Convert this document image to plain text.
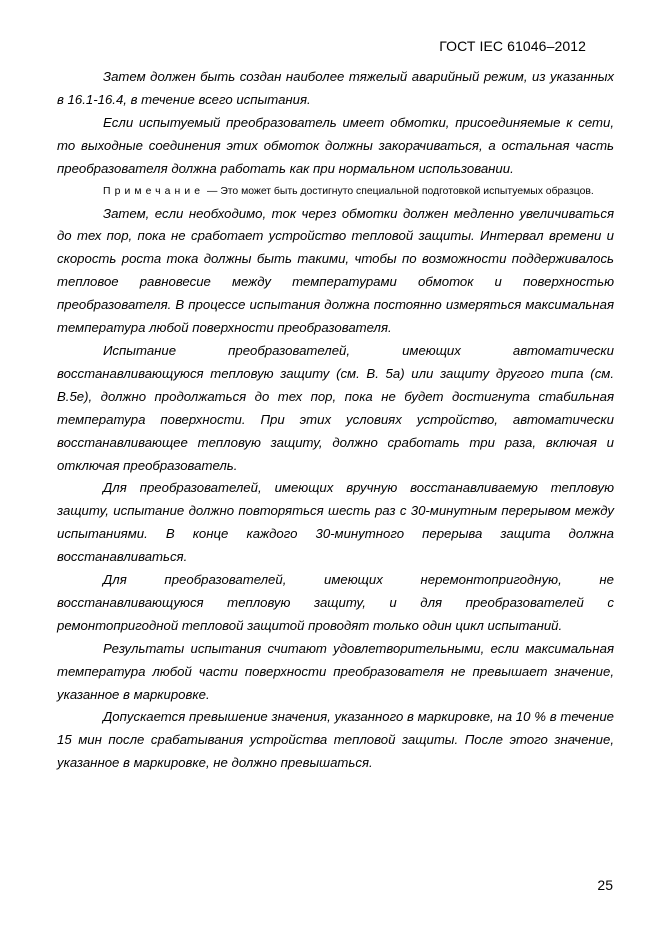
ГОСТ IEC 61046–2012

Затем должен быть создан наиболее тяжелый аварийный режим, из указанных в 16.1-16.4, в течение всего испытания.

Если испытуемый преобразователь имеет обмотки, присоединяемые к сети, то выходные соединения этих обмоток должны закорачиваться, а остальная часть преобразователя должна работать как при нормальном использовании.

Примечание — Это может быть достигнуто специальной подготовкой испытуемых образцов.

Затем, если необходимо, ток через обмотки должен медленно увеличиваться до тех пор, пока не сработает устройство тепловой защиты. Интервал времени и скорость роста тока должны быть такими, чтобы по возможности поддерживалось тепловое равновесие между температурами обмоток и поверхностью преобразователя. В процессе испытания должна постоянно измеряться максимальная температура любой поверхности преобразователя.

Испытание преобразователей, имеющих автоматически восстанавливающуюся тепловую защиту (см. В. 5а) или защиту другого типа (см. В.5е), должно продолжаться до тех пор, пока не будет достигнута стабильная температура поверхности. При этих условиях устройство, автоматически восстанавливающее тепловую защиту, должно сработать три раза, включая и отключая преобразователь.

Для преобразователей, имеющих вручную восстанавливаемую тепловую защиту, испытание должно повторяться шесть раз с 30-минутным перерывом между испытаниями. В конце каждого 30-минутного перерыва защита должна восстанавливаться.

Для преобразователей, имеющих неремонтопригодную, не восстанавливающуюся тепловую защиту, и для преобразователей с ремонтопригодной тепловой защитой проводят только один цикл испытаний.

Результаты испытания считают удовлетворительными, если максимальная температура любой части поверхности преобразователя не превышает значение, указанное в маркировке.

Допускается превышение значения, указанного в маркировке, на 10 % в течение 15 мин после срабатывания устройства тепловой защиты. После этого значение, указанное в маркировке, не должно превышаться.

25
